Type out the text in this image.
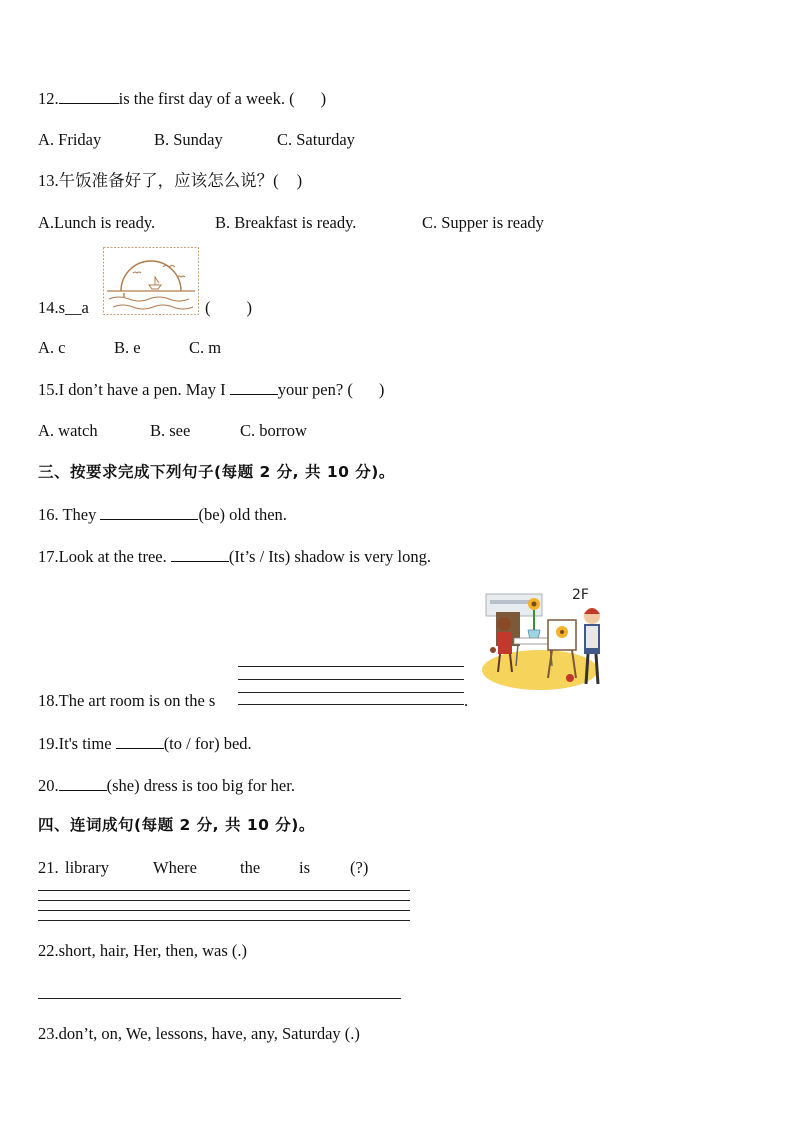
12.	is the first day of a week. ( )
A. Friday	B. Sunday	C. Saturday
13.午饭准备好了，应该怎么说？( )
A.Lunch is ready.	B. Breakfast is ready.	C. Supper is ready
14.s__a	( )
A. c	B. e	C. m
15.I don’t have a pen. May I	your pen? ( )
A. watch	B. see	C. borrow
三、按要求完成下列句子(每题 2 分, 共 10 分)。
16. They	(be) old then.
17.Look at the tree.	(It’s / Its) shadow is very long.
2F
18.The art room is on the s	.
19.It's time	(to / for) bed.
20.	(she) dress is too big for her.
四、连词成句(每题 2 分, 共 10 分)。
21. library	Where	the is (?)
22.short, hair, Her, then, was (.)
23.don’t, on, We, lessons, have, any, Saturday (.)
